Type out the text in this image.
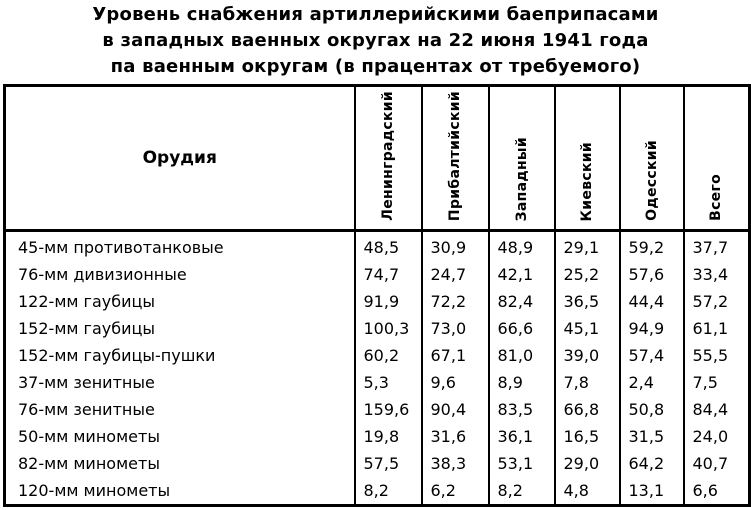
Уровень снабжения артиллерийскими баеприпасами
в западных ваенных округах на 22 июня 1941 года
па ваенным округам (в працентах от требуемого)
Орудия	Ленинградский	Прибалтийский	Западный	Киевский	Одесский	Всего

45-мм противотанковые	48,5	30,9	48,9	29,1	59,2	37,7
76-мм дивизионные	74,7	24,7	42,1	25,2	57,6	33,4
122-мм гаубицы	91,9	72,2	82,4	36,5	44,4	57,2
152-мм гаубицы	100,3	73,0	66,6	45,1	94,9	61,1
152-мм гаубицы-пушки	60,2	67,1	81,0	39,0	57,4	55,5
37-мм зенитные	5,3	9,6	8,9	7,8	2,4	7,5
76-мм зенитные	159,6	90,4	83,5	66,8	50,8	84,4
50-мм минометы	19,8	31,6	36,1	16,5	31,5	24,0
82-мм минометы	57,5	38,3	53,1	29,0	64,2	40,7
120-мм минометы	8,2	6,2	8,2	4,8	13,1	6,6
